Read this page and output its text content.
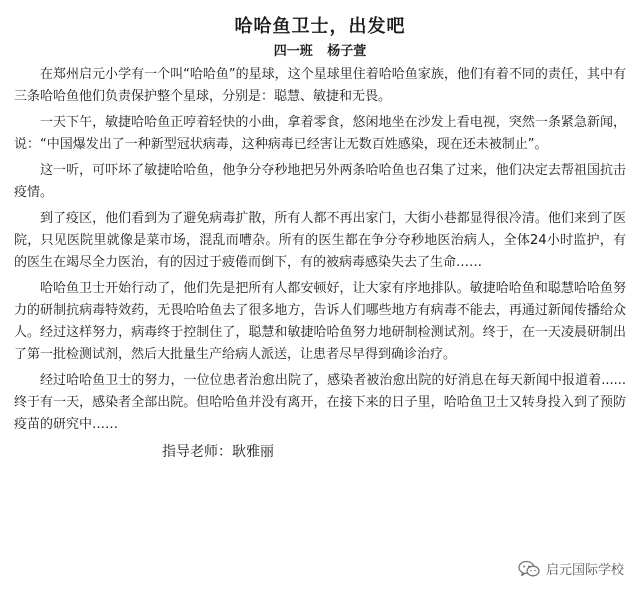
哈哈鱼卫士，出发吧
四一班 杨子萱

在郑州启元小学有一个叫“哈哈鱼”的星球，这个星球里住着哈哈鱼家族，他们有着不同的责任，其中有三条哈哈鱼他们负责保护整个星球，分别是：聪慧、敏捷和无畏。

一天下午，敏捷哈哈鱼正哼着轻快的小曲，拿着零食，悠闲地坐在沙发上看电视，突然一条紧急新闻，说：“中国爆发出了一种新型冠状病毒，这种病毒已经害让无数百姓感染，现在还未被制止”。

这一听，可吓坏了敏捷哈哈鱼，他争分夺秒地把另外两条哈哈鱼也召集了过来，他们决定去帮祖国抗击疫情。

到了疫区，他们看到为了避免病毒扩散，所有人都不再出家门，大街小巷都显得很冷清。他们来到了医院，只见医院里就像是菜市场，混乱而嘈杂。所有的医生都在争分夺秒地医治病人，全体24小时监护，有的医生在竭尽全力医治，有的因过于疲倦而倒下，有的被病毒感染失去了生命……

哈哈鱼卫士开始行动了，他们先是把所有人都安顿好，让大家有序地排队。敏捷哈哈鱼和聪慧哈哈鱼努力的研制抗病毒特效药，无畏哈哈鱼去了很多地方，告诉人们哪些地方有病毒不能去，再通过新闻传播给众人。经过这样努力，病毒终于控制住了，聪慧和敏捷哈哈鱼努力地研制检测试剂。终于，在一天凌晨研制出了第一批检测试剂，然后大批量生产给病人派送，让患者尽早得到确诊治疗。

经过哈哈鱼卫士的努力，一位位患者治愈出院了，感染者被治愈出院的好消息在每天新闻中报道着......终于有一天，感染者全部出院。但哈哈鱼并没有离开，在接下来的日子里，哈哈鱼卫士又转身投入到了预防疫苗的研究中……

指导老师：耿雅丽
启元国际学校
